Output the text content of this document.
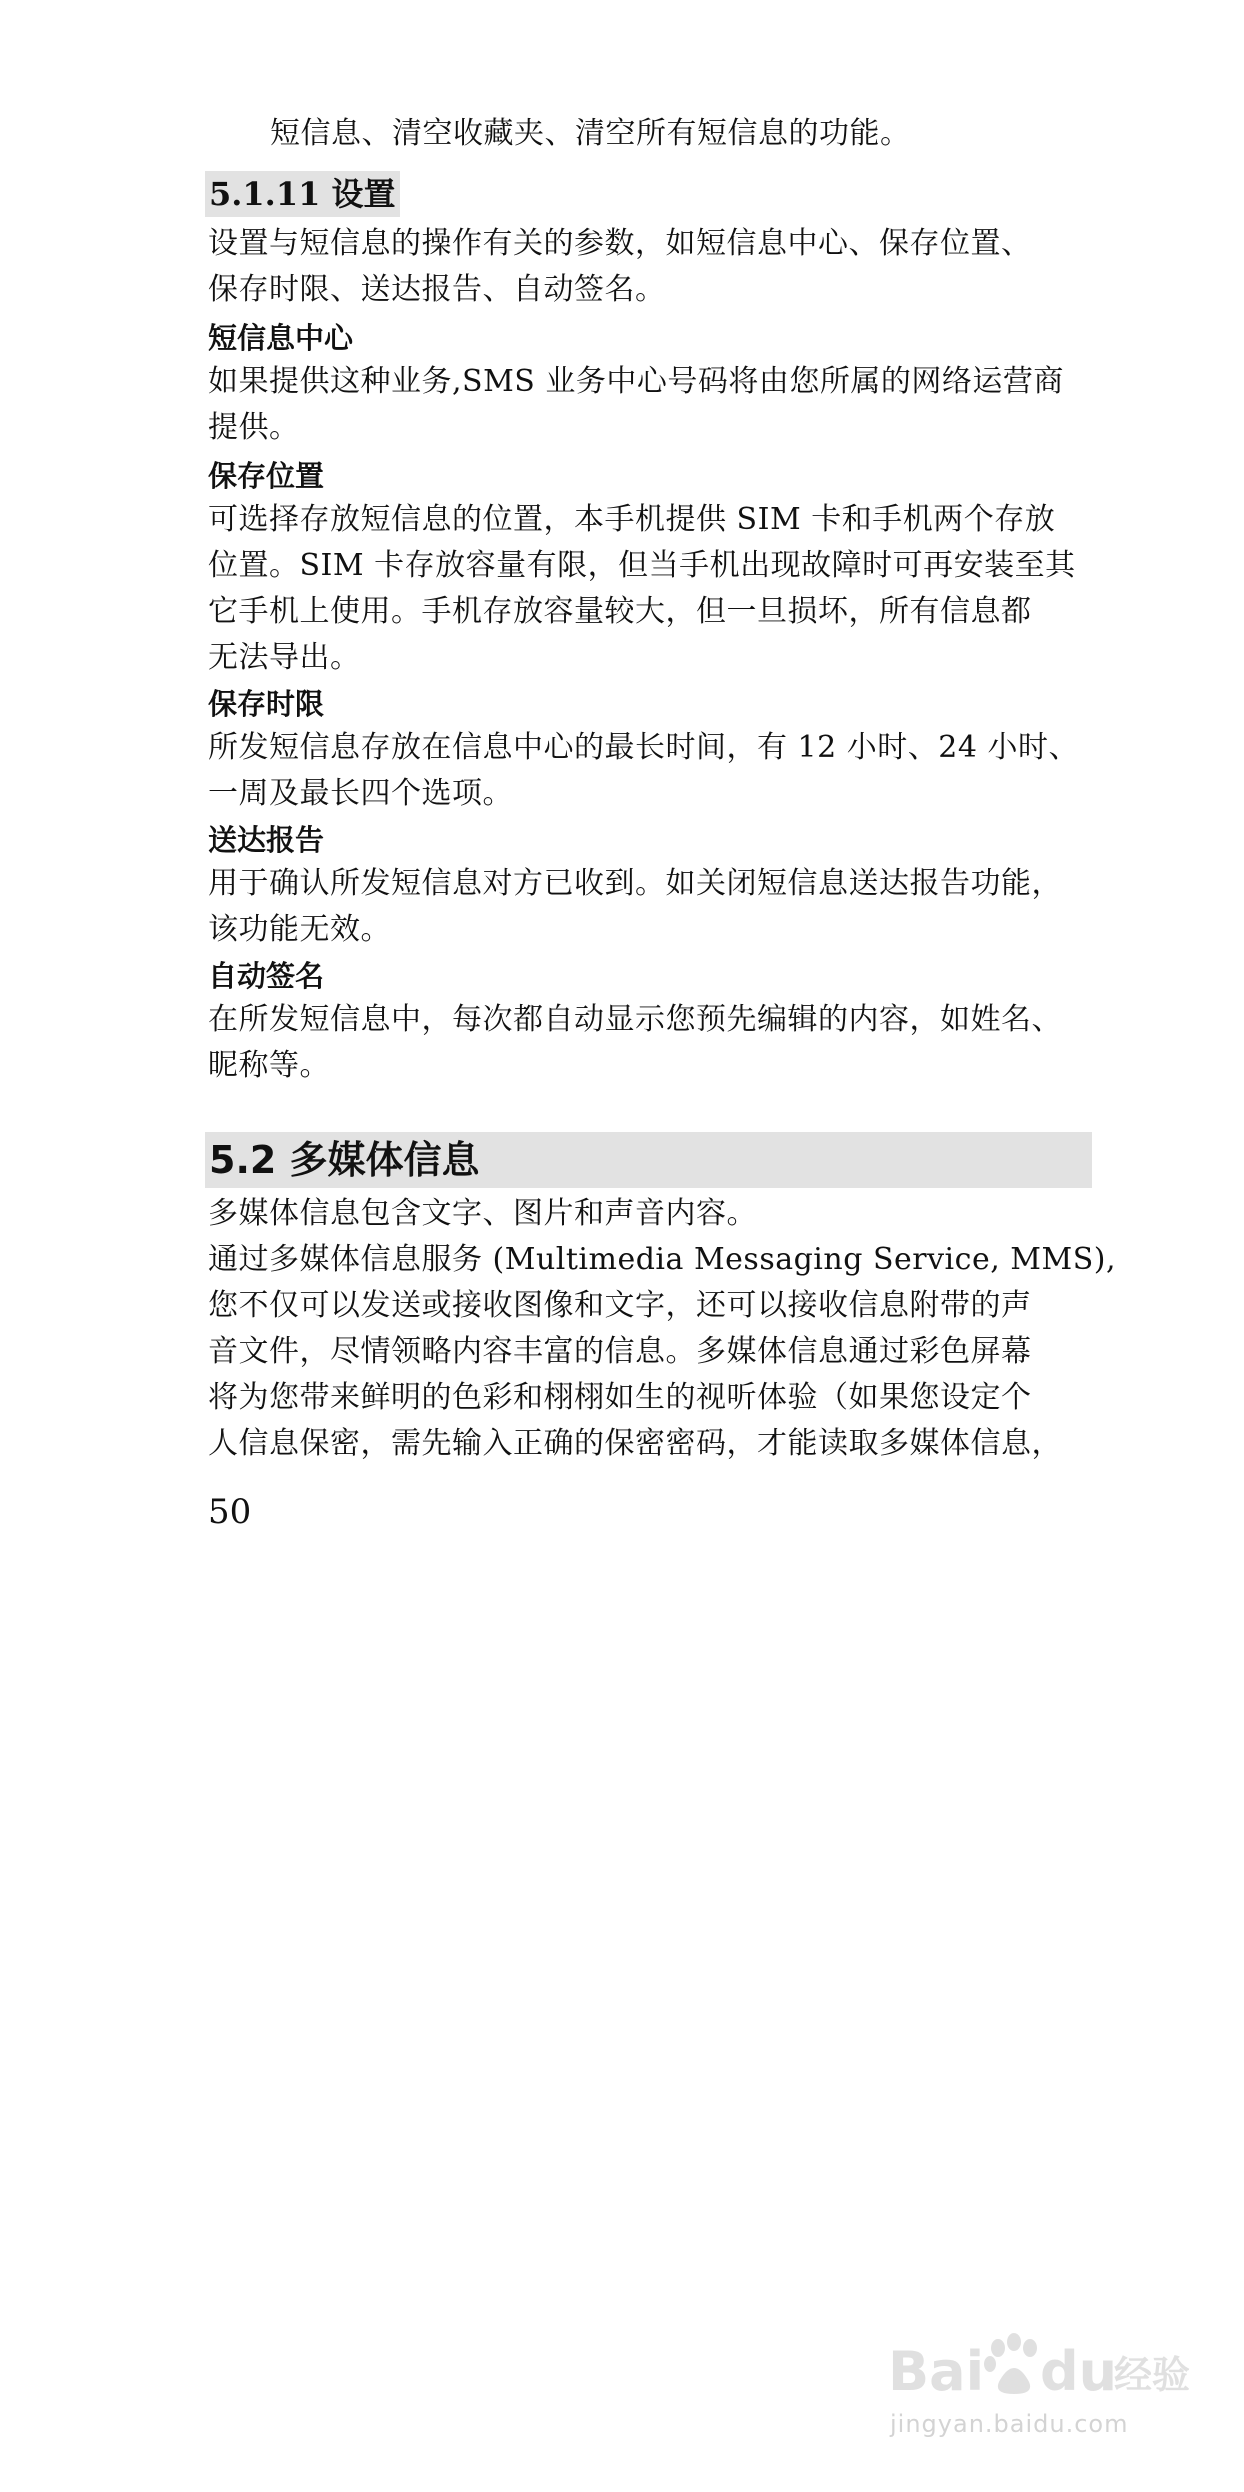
短信息、清空收藏夹、清空所有短信息的功能。
5.1.11 设置
设置与短信息的操作有关的参数，如短信息中心、保存位置、
保存时限、送达报告、自动签名。
短信息中心
如果提供这种业务,SMS 业务中心号码将由您所属的网络运营商
提供。
保存位置
可选择存放短信息的位置，本手机提供 SIM 卡和手机两个存放
位置。SIM 卡存放容量有限，但当手机出现故障时可再安装至其
它手机上使用。手机存放容量较大，但一旦损坏，所有信息都
无法导出。
保存时限
所发短信息存放在信息中心的最长时间，有 12 小时、24 小时、
一周及最长四个选项。
送达报告
用于确认所发短信息对方已收到。如关闭短信息送达报告功能，
该功能无效。
自动签名
在所发短信息中，每次都自动显示您预先编辑的内容，如姓名、
昵称等。
5.2 多媒体信息
多媒体信息包含文字、图片和声音内容。
通过多媒体信息服务 (Multimedia Messaging Service, MMS),
您不仅可以发送或接收图像和文字，还可以接收信息附带的声
音文件，尽情领略内容丰富的信息。多媒体信息通过彩色屏幕
将为您带来鲜明的色彩和栩栩如生的视听体验（如果您设定个
人信息保密，需先输入正确的保密密码，才能读取多媒体信息，
50
Bai du
经验
jingyan.baidu.com
